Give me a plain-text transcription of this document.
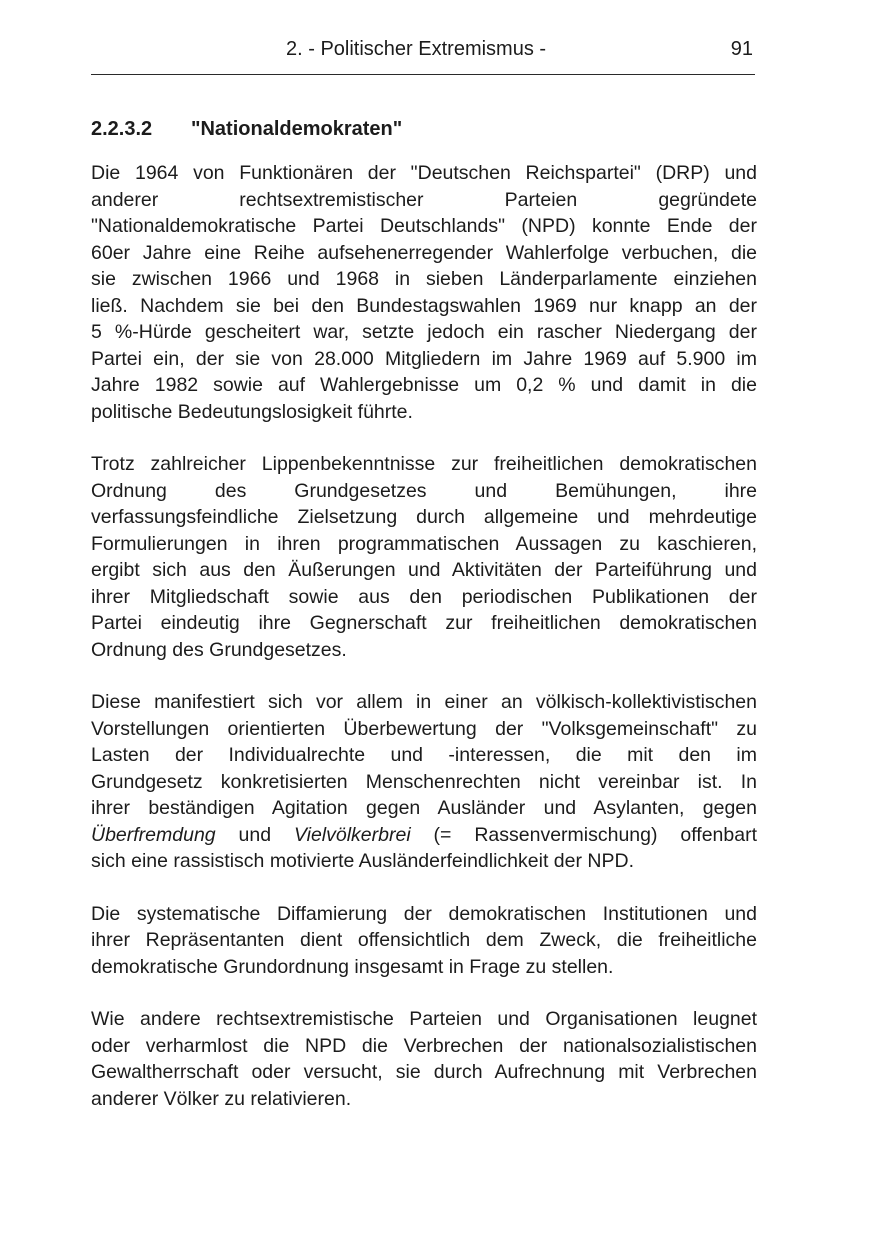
2. - Politischer Extremismus -	91
2.2.3.2 "Nationaldemokraten"

Die 1964 von Funktionären der "Deutschen Reichspartei" (DRP) und
anderer rechtsextremistischer Parteien gegründete
"Nationaldemokratische Partei Deutschlands" (NPD) konnte Ende der
60er Jahre eine Reihe aufsehenerregender Wahlerfolge verbuchen, die
sie zwischen 1966 und 1968 in sieben Länderparlamente einziehen
ließ. Nachdem sie bei den Bundestagswahlen 1969 nur knapp an der
5 %-Hürde gescheitert war, setzte jedoch ein rascher Niedergang der
Partei ein, der sie von 28.000 Mitgliedern im Jahre 1969 auf 5.900 im
Jahre 1982 sowie auf Wahlergebnisse um 0,2 % und damit in die
politische Bedeutungslosigkeit führte.

Trotz zahlreicher Lippenbekenntnisse zur freiheitlichen demokratischen
Ordnung des Grundgesetzes und Bemühungen, ihre
verfassungsfeindliche Zielsetzung durch allgemeine und mehrdeutige
Formulierungen in ihren programmatischen Aussagen zu kaschieren,
ergibt sich aus den Äußerungen und Aktivitäten der Parteiführung und
ihrer Mitgliedschaft sowie aus den periodischen Publikationen der
Partei eindeutig ihre Gegnerschaft zur freiheitlichen demokratischen
Ordnung des Grundgesetzes.

Diese manifestiert sich vor allem in einer an völkisch-kollektivistischen
Vorstellungen orientierten Überbewertung der "Volksgemeinschaft" zu
Lasten der Individualrechte und -interessen, die mit den im
Grundgesetz konkretisierten Menschenrechten nicht vereinbar ist. In
ihrer beständigen Agitation gegen Ausländer und Asylanten, gegen
Überfremdung und Vielvölkerbrei (= Rassenvermischung) offenbart
sich eine rassistisch motivierte Ausländerfeindlichkeit der NPD.

Die systematische Diffamierung der demokratischen Institutionen und
ihrer Repräsentanten dient offensichtlich dem Zweck, die freiheitliche
demokratische Grundordnung insgesamt in Frage zu stellen.

Wie andere rechtsextremistische Parteien und Organisationen leugnet
oder verharmlost die NPD die Verbrechen der nationalsozialistischen
Gewaltherrschaft oder versucht, sie durch Aufrechnung mit Verbrechen
anderer Völker zu relativieren.
